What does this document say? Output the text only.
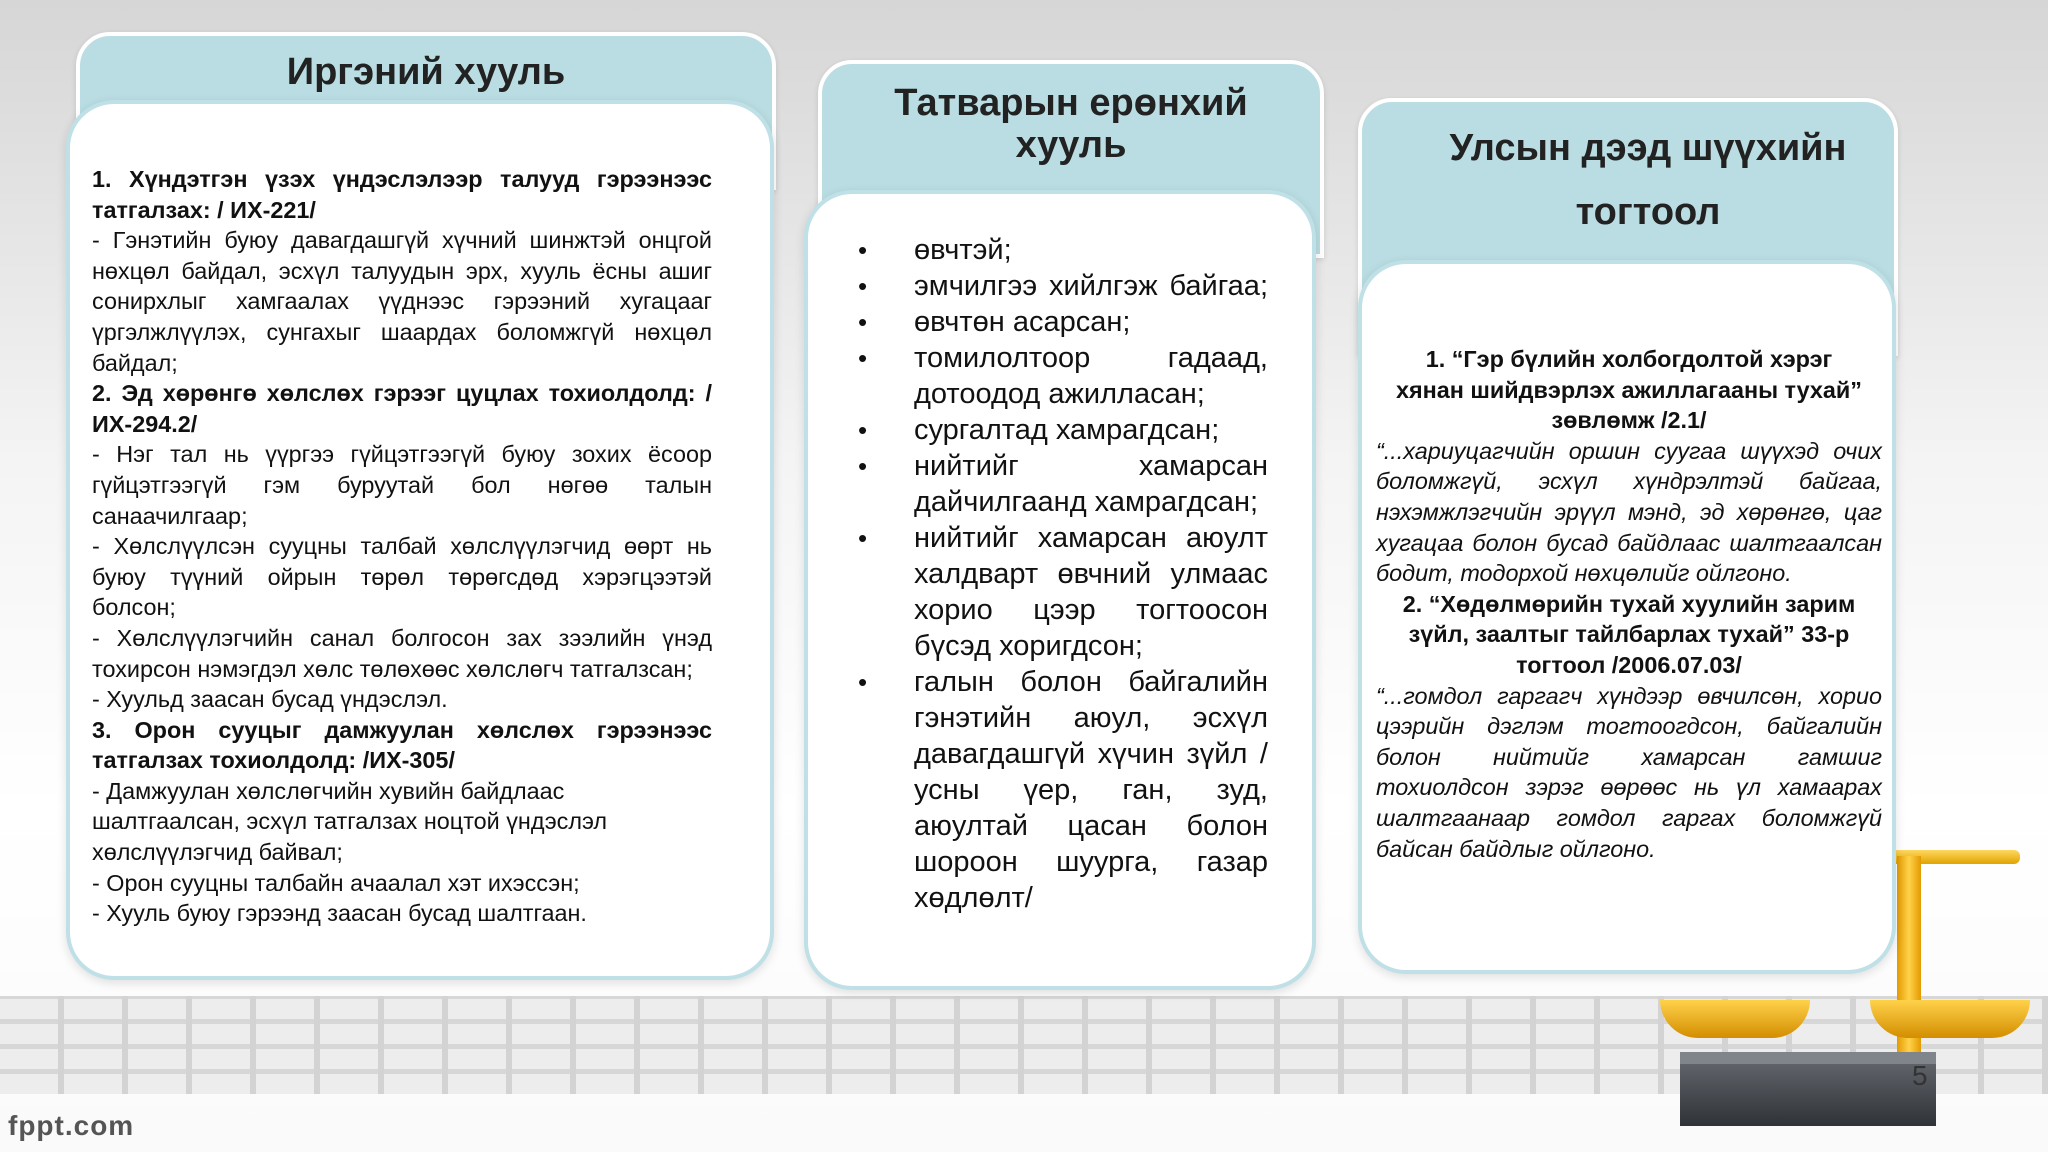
Иргэний хууль

1. Хүндэтгэн үзэх үндэслэлээр талууд гэрээнээс татгалзах: / ИХ-221/

- Гэнэтийн буюу давагдашгүй хүчний шинжтэй онцгой нөхцөл байдал, эсхүл талуудын эрх, хууль ёсны ашиг сонирхлыг хамгаалах үүднээс гэрээний хугацааг үргэлжлүүлэх, сунгахыг шаардах боломжгүй нөхцөл байдал;

2. Эд хөрөнгө хөлслөх гэрээг цуцлах тохиолдолд: /ИХ-294.2/

- Нэг тал нь үүргээ гүйцэтгээгүй буюу зохих ёсоор гүйцэтгээгүй гэм буруутай бол нөгөө талын санаачилгаар;

- Хөлслүүлсэн сууцны талбай хөлслүүлэгчид өөрт нь буюу түүний ойрын төрөл төрөгсдөд хэрэгцээтэй болсон;

- Хөлслүүлэгчийн санал болгосон зах зээлийн үнэд тохирсон нэмэгдэл хөлс төлөхөөс хөлслөгч татгалзсан;

- Хуульд заасан бусад үндэслэл.

3. Орон сууцыг дамжуулан хөлслөх гэрээнээс татгалзах тохиолдолд: /ИХ-305/

- Дамжуулан хөлслөгчийн хувийн байдлаас шалтгаалсан, эсхүл татгалзах ноцтой үндэслэл хөлслүүлэгчид байвал;

- Орон сууцны талбайн ачаалал хэт ихэссэн;

- Хууль буюу гэрээнд заасан бусад шалтгаан.

Татварын ерөнхий
хууль
• өвчтэй;
• эмчилгээ хийлгэж байгаа;
• өвчтөн асарсан;
• томилолтоор гадаад, дотоодод ажилласан;
• сургалтад хамрагдсан;
• нийтийг хамарсан дайчилгаанд хамрагдсан;
• нийтийг хамарсан аюулт халдварт өвчний улмаас хорио цээр тогтоосон бүсэд хоригдсон;
• галын болон байгалийн гэнэтийн аюул, эсхүл давагдашгүй хүчин зүйл /усны үер, ган, зуд, аюултай цасан болон шороон шуурга, газар хөдлөлт/
Улсын дээд шүүхийн
тогтоол

1. “Гэр бүлийн холбогдолтой хэрэг хянан шийдвэрлэх ажиллагааны тухай” зөвлөмж /2.1/

“...хариуцагчийн оршин суугаа шүүхэд очих боломжгүй, эсхүл хүндрэлтэй байгаа, нэхэмжлэгчийн эрүүл мэнд, эд хөрөнгө, цаг хугацаа болон бусад байдлаас шалтгаалсан бодит, тодорхой нөхцөлийг ойлгоно.

2. “Хөдөлмөрийн тухай хуулийн зарим зүйл, заалтыг тайлбарлах тухай” 33-р тогтоол /2006.07.03/

“...гомдол гаргагч хүндээр өвчилсөн, хорио цээрийн дэглэм тогтоогдсон, байгалийн болон нийтийг хамарсан гамшиг тохиолдсон зэрэг өөрөөс нь үл хамаарах шалтгаанаар гомдол гаргах боломжгүй байсан байдлыг ойлгоно.

fppt.com
5
